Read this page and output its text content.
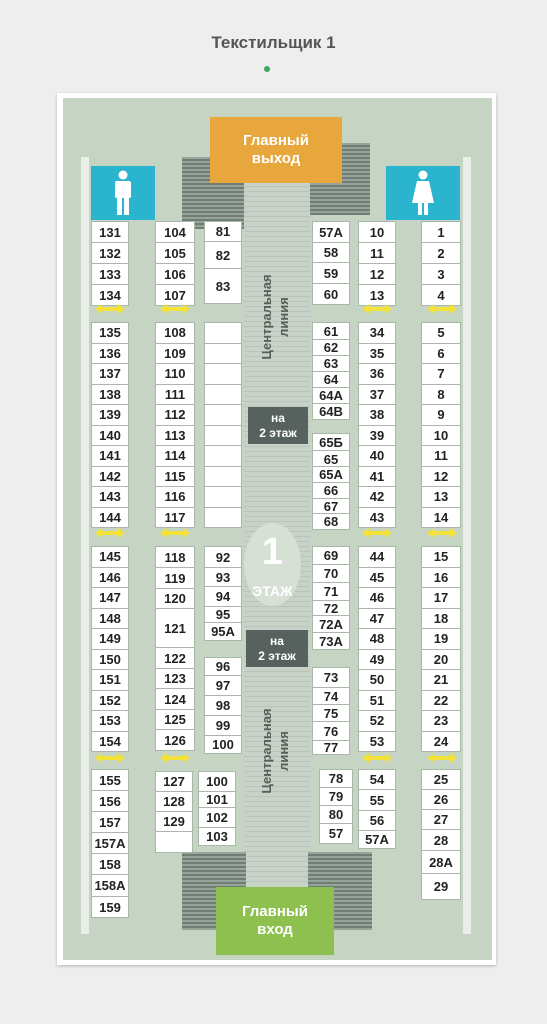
Текстильщик 1
Главный
выход
Главный
вход
131
132
133
134
135
136
137
138
139
140
141
142
143
144
145
146
147
148
149
150
151
152
153
154
155
156
157
157А
158
158А
159
104
105
106
107
108
109
110
111
112
113
114
115
116
117
118
119
120
121
122
123
124
125
126
127
128
129
81
82
83
92
93
94
95
95А
96
97
98
99
100
100
101
102
103
57А
58
59
60
61
62
63
64
64А
64В
65Б
65
65А
66
67
68
69
70
71
72
72А
73А
73
74
75
76
77
78
79
80
57
10
11
12
13
34
35
36
37
38
39
40
41
42
43
44
45
46
47
48
49
50
51
52
53
54
55
56
57А
1
2
3
4
5
6
7
8
9
10
11
12
13
14
15
16
17
18
19
20
21
22
23
24
25
26
27
28
28А
29
на
2 этаж
на
2 этаж
Центральная
линия
Центральная
линия
1
ЭТАЖ
